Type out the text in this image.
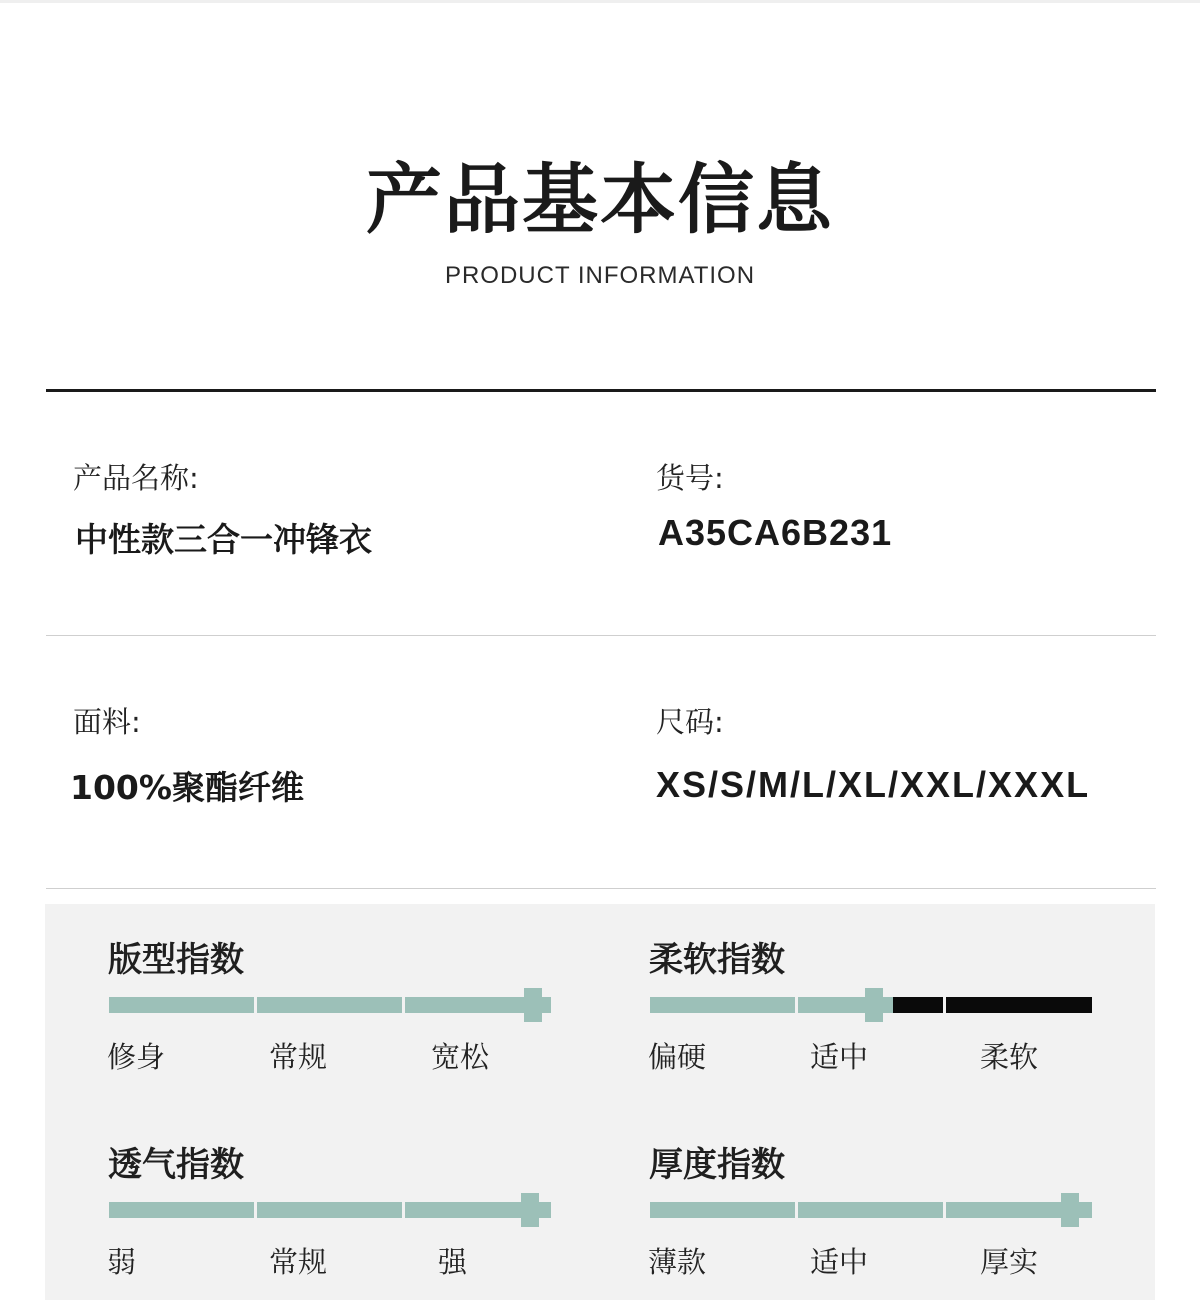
产品基本信息
PRODUCT INFORMATION
产品名称:
中性款三合一冲锋衣
货号:
A35CA6B231
面料:
100%聚酯纤维
尺码:
XS/S/M/L/XL/XXL/XXXL
版型指数
修身	常规	宽松
柔软指数
偏硬	适中	柔软
透气指数
弱	常规	强
厚度指数
薄款	适中	厚实
